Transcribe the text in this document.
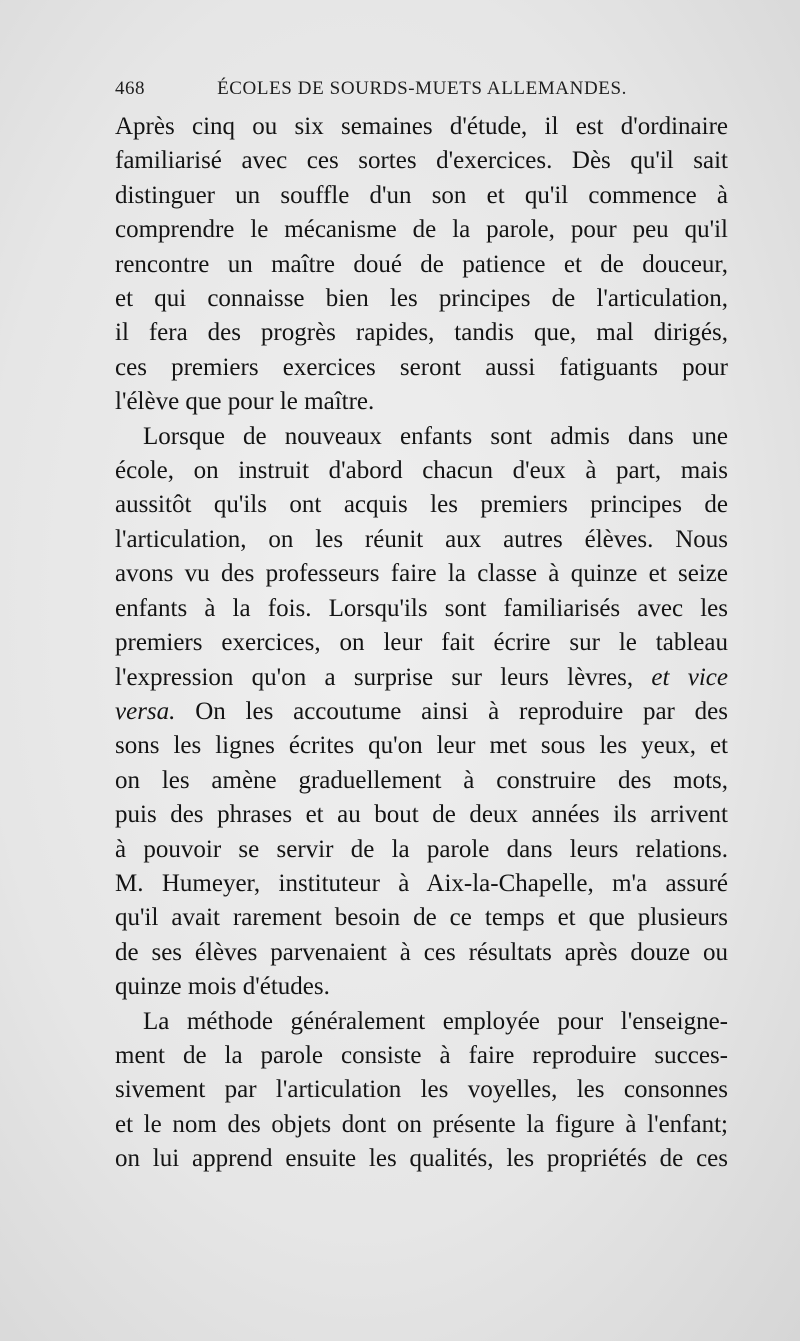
468	ÉCOLES DE SOURDS-MUETS ALLEMANDES.

Après cinq ou six semaines d'étude, il est d'ordinaire
familiarisé avec ces sortes d'exercices. Dès qu'il sait
distinguer un souffle d'un son et qu'il commence à
comprendre le mécanisme de la parole, pour peu qu'il
rencontre un maître doué de patience et de douceur,
et qui connaisse bien les principes de l'articulation,
il fera des progrès rapides, tandis que, mal dirigés,
ces premiers exercices seront aussi fatiguants pour
l'élève que pour le maître.

Lorsque de nouveaux enfants sont admis dans une
école, on instruit d'abord chacun d'eux à part, mais
aussitôt qu'ils ont acquis les premiers principes de
l'articulation, on les réunit aux autres élèves. Nous
avons vu des professeurs faire la classe à quinze et seize
enfants à la fois. Lorsqu'ils sont familiarisés avec les
premiers exercices, on leur fait écrire sur le tableau
l'expression qu'on a surprise sur leurs lèvres, et vice
versa. On les accoutume ainsi à reproduire par des
sons les lignes écrites qu'on leur met sous les yeux, et
on les amène graduellement à construire des mots,
puis des phrases et au bout de deux années ils arrivent
à pouvoir se servir de la parole dans leurs relations.
M. Humeyer, instituteur à Aix-la-Chapelle, m'a assuré
qu'il avait rarement besoin de ce temps et que plusieurs
de ses élèves parvenaient à ces résultats après douze ou
quinze mois d'études.

La méthode généralement employée pour l'enseigne-
ment de la parole consiste à faire reproduire succes-
sivement par l'articulation les voyelles, les consonnes
et le nom des objets dont on présente la figure à l'enfant;
on lui apprend ensuite les qualités, les propriétés de ces
